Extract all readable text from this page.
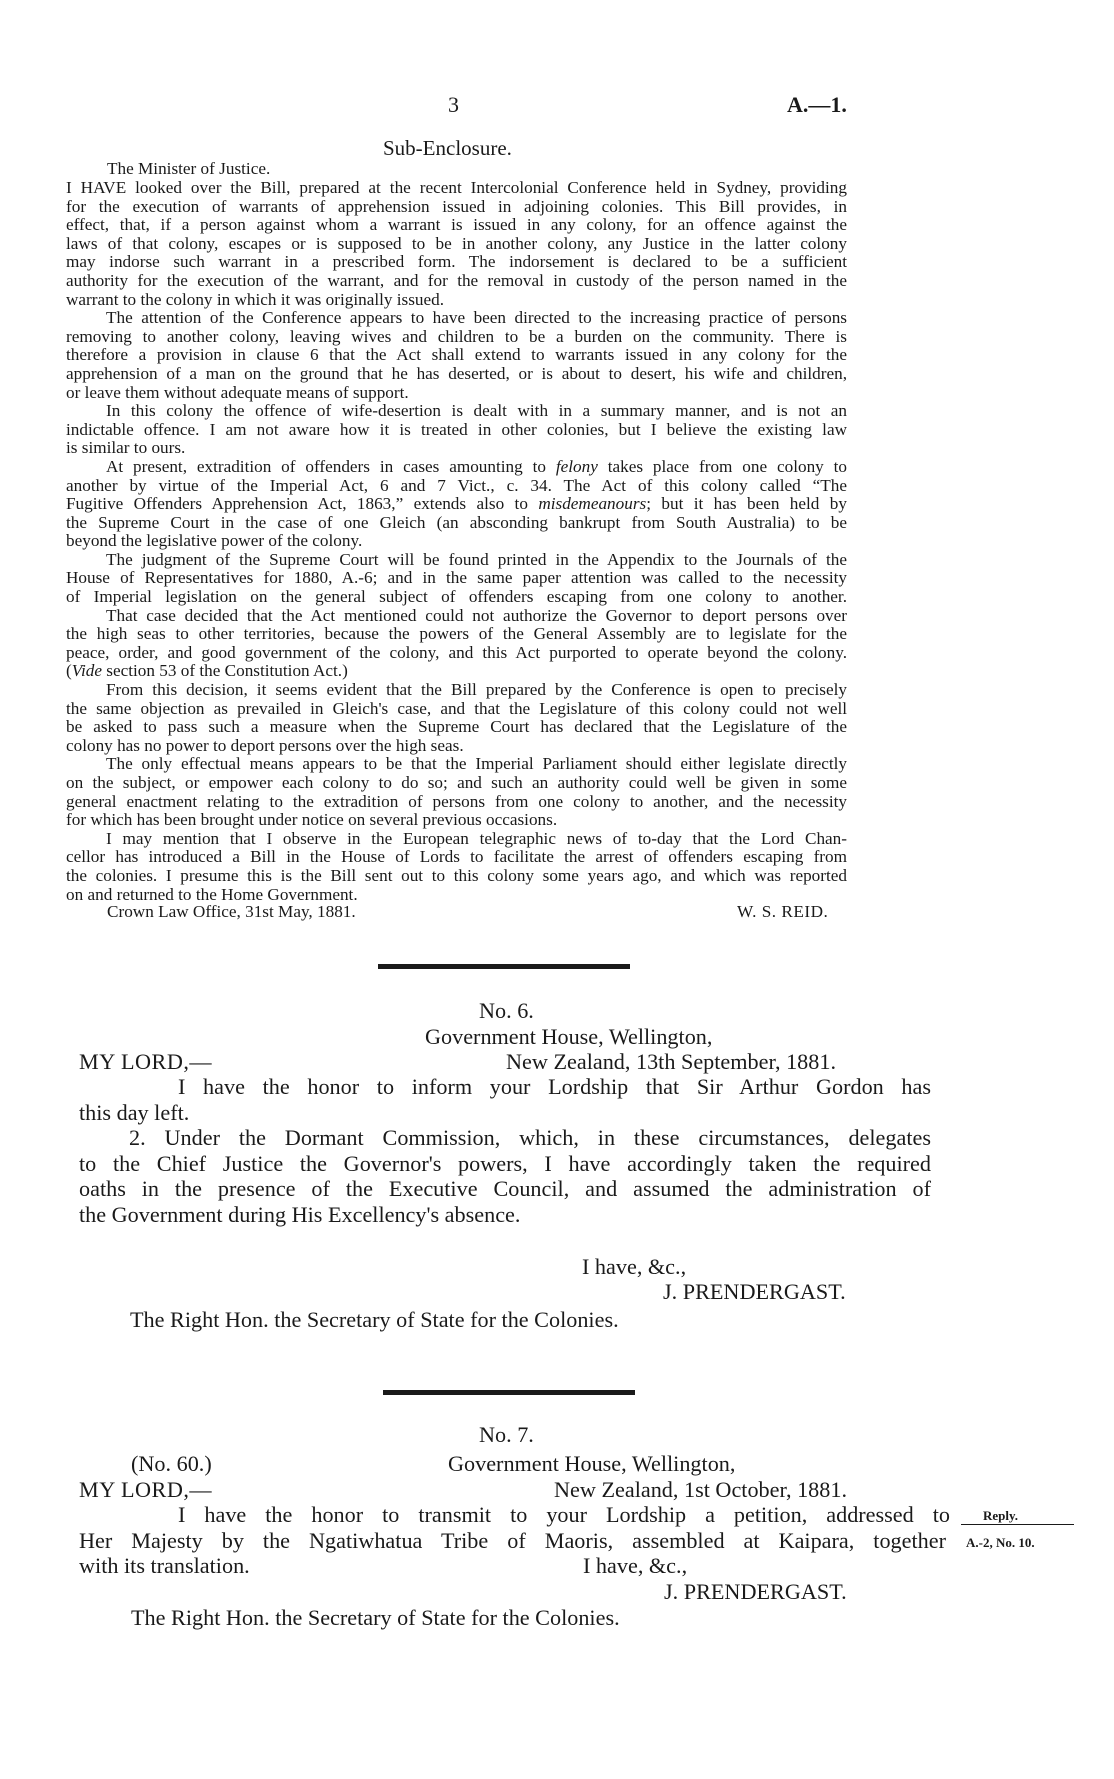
3	A.—1.
Sub-Enclosure.
The Minister of Justice.
I HAVE looked over the Bill, prepared at the recent Intercolonial Conference held in Sydney, providing
for the execution of warrants of apprehension issued in adjoining colonies. This Bill provides, in
effect, that, if a person against whom a warrant is issued in any colony, for an offence against the
laws of that colony, escapes or is supposed to be in another colony, any Justice in the latter colony
may indorse such warrant in a prescribed form. The indorsement is declared to be a sufficient
authority for the execution of the warrant, and for the removal in custody of the person named in the
warrant to the colony in which it was originally issued.
The attention of the Conference appears to have been directed to the increasing practice of persons
removing to another colony, leaving wives and children to be a burden on the community. There is
therefore a provision in clause 6 that the Act shall extend to warrants issued in any colony for the
apprehension of a man on the ground that he has deserted, or is about to desert, his wife and children,
or leave them without adequate means of support.
In this colony the offence of wife-desertion is dealt with in a summary manner, and is not an
indictable offence. I am not aware how it is treated in other colonies, but I believe the existing law
is similar to ours.
At present, extradition of offenders in cases amounting to felony takes place from one colony to
another by virtue of the Imperial Act, 6 and 7 Vict., c. 34. The Act of this colony called “The
Fugitive Offenders Apprehension Act, 1863,” extends also to misdemeanours; but it has been held by
the Supreme Court in the case of one Gleich (an absconding bankrupt from South Australia) to be
beyond the legislative power of the colony.
The judgment of the Supreme Court will be found printed in the Appendix to the Journals of the
House of Representatives for 1880, A.-6; and in the same paper attention was called to the necessity
of Imperial legislation on the general subject of offenders escaping from one colony to another.
That case decided that the Act mentioned could not authorize the Governor to deport persons over
the high seas to other territories, because the powers of the General Assembly are to legislate for the
peace, order, and good government of the colony, and this Act purported to operate beyond the colony.
(Vide section 53 of the Constitution Act.)
From this decision, it seems evident that the Bill prepared by the Conference is open to precisely
the same objection as prevailed in Gleich's case, and that the Legislature of this colony could not well
be asked to pass such a measure when the Supreme Court has declared that the Legislature of the
colony has no power to deport persons over the high seas.
The only effectual means appears to be that the Imperial Parliament should either legislate directly
on the subject, or empower each colony to do so; and such an authority could well be given in some
general enactment relating to the extradition of persons from one colony to another, and the necessity
for which has been brought under notice on several previous occasions.
I may mention that I observe in the European telegraphic news of to-day that the Lord Chan-
cellor has introduced a Bill in the House of Lords to facilitate the arrest of offenders escaping from
the colonies. I presume this is the Bill sent out to this colony some years ago, and which was reported
on and returned to the Home Government.
Crown Law Office, 31st May, 1881.	W. S. REID.
No. 6.
Government House, Wellington,
MY LORD,—	New Zealand, 13th September, 1881.
I have the honor to inform your Lordship that Sir Arthur Gordon has
this day left.
2. Under the Dormant Commission, which, in these circumstances, delegates
to the Chief Justice the Governor's powers, I have accordingly taken the required
oaths in the presence of the Executive Council, and assumed the administration of
the Government during His Excellency's absence.
I have, &c.,
J. PRENDERGAST.
The Right Hon. the Secretary of State for the Colonies.
No. 7.
(No. 60.)	Government House, Wellington,
MY LORD,—	New Zealand, 1st October, 1881.
I have the honor to transmit to your Lordship a petition, addressed to
Her Majesty by the Ngatiwhatua Tribe of Maoris, assembled at Kaipara, together
with its translation.	I have, &c.,
J. PRENDERGAST.
The Right Hon. the Secretary of State for the Colonies.
Reply.
A.-2, No. 10.
